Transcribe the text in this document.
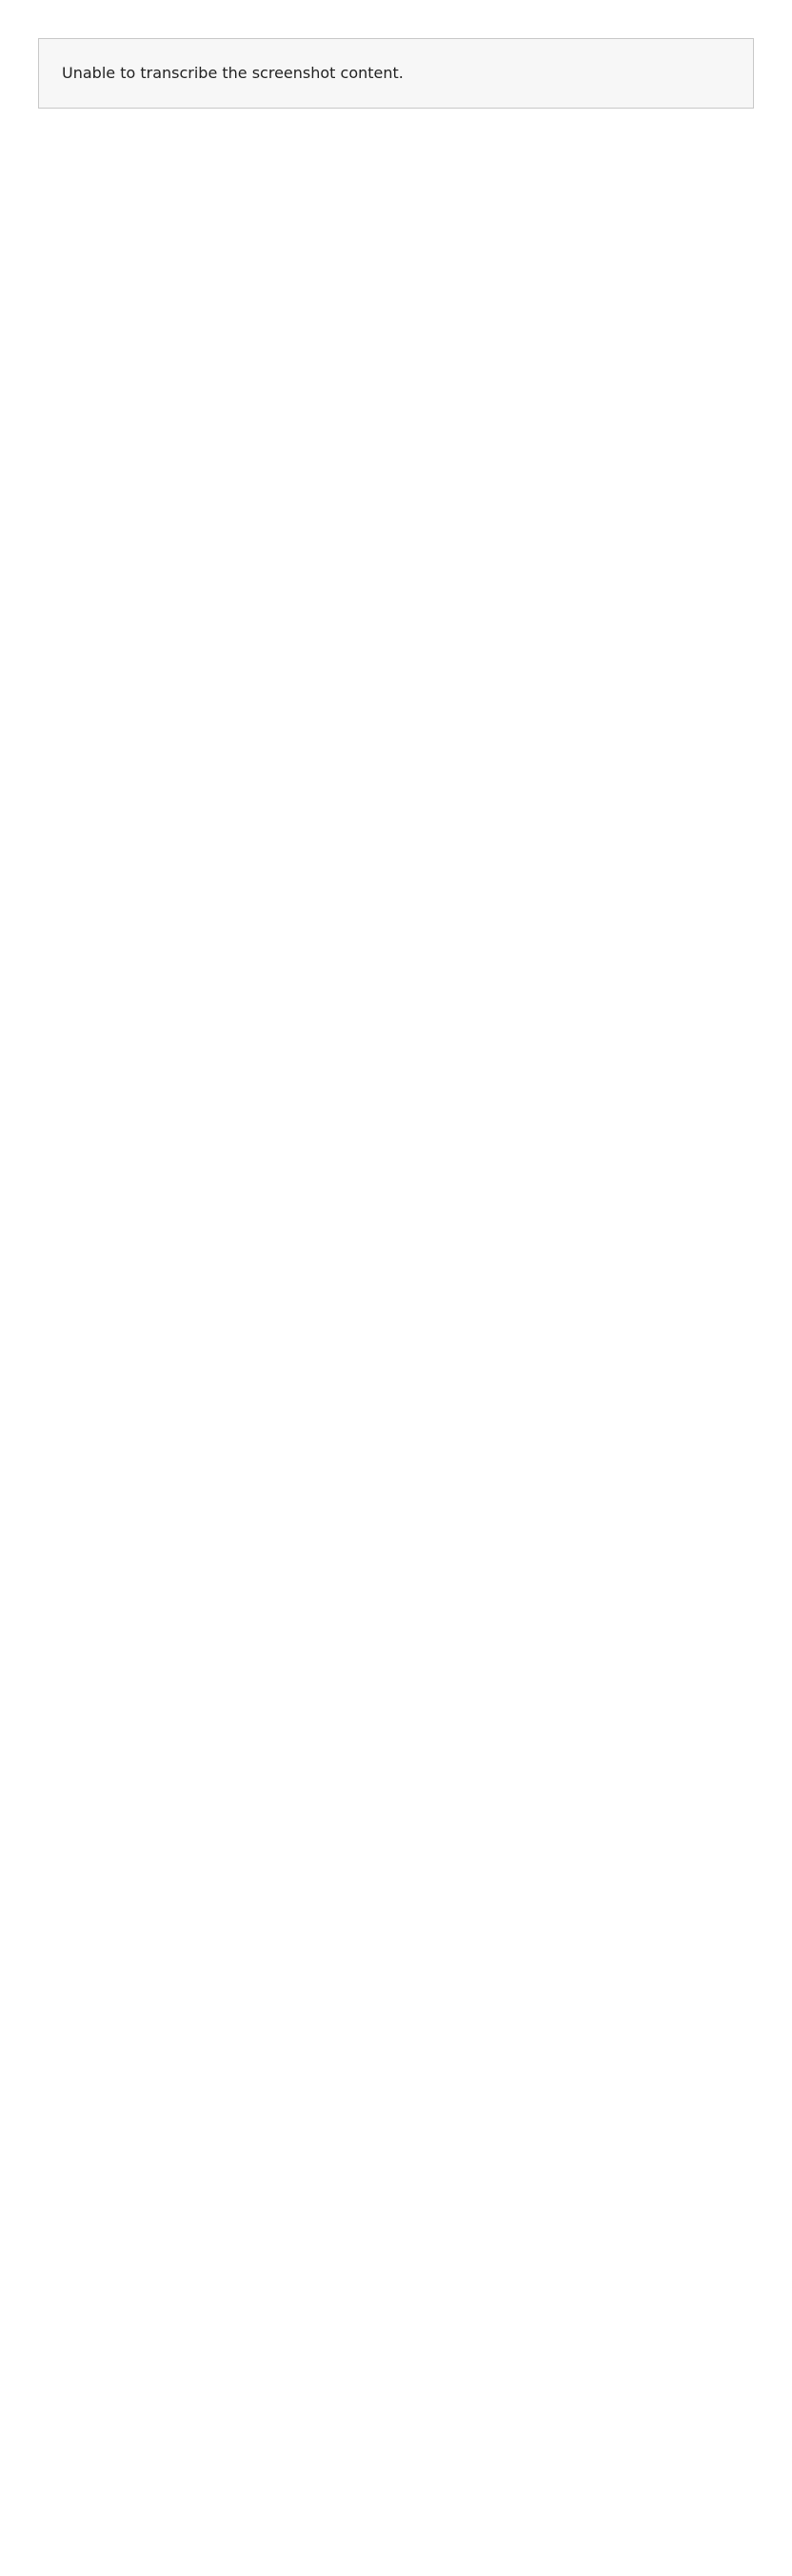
Unable to transcribe the screenshot content.
